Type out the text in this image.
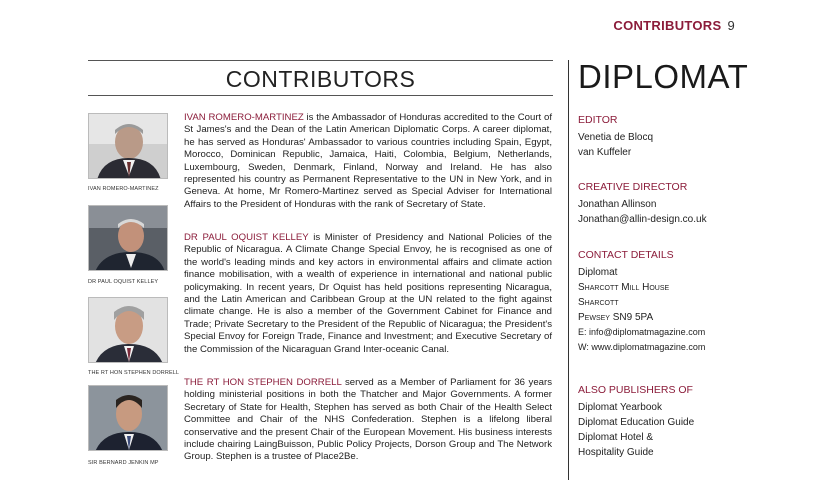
CONTRIBUTORS 9
CONTRIBUTORS
IVAN ROMERO-MARTINEZ
IVAN ROMERO-MARTINEZ is the Ambassador of Honduras accredited to the Court of St James's and the Dean of the Latin American Diplomatic Corps. A career diplomat, he has served as Honduras' Ambassador to various countries including Spain, Egypt, Morocco, Dominican Republic, Jamaica, Haiti, Colombia, Belgium, Netherlands, Luxembourg, Sweden, Denmark, Finland, Norway and Ireland. He has also represented his country as Permanent Representative to the UN in New York, and in Geneva. At home, Mr Romero-Martinez served as Special Adviser for International Affairs to the President of Honduras with the rank of Secretary of State.
DR PAUL OQUIST KELLEY
DR PAUL OQUIST KELLEY is Minister of Presidency and National Policies of the Republic of Nicaragua. A Climate Change Special Envoy, he is recognised as one of the world's leading minds and key actors in environmental affairs and climate action finance mobilisation, with a wealth of experience in international and national public policymaking. In recent years, Dr Oquist has held positions representing Nicaragua, and the Latin American and Caribbean Group at the UN related to the fight against climate change. He is also a member of the Government Cabinet for Finance and Trade; Private Secretary to the President of the Republic of Nicaragua; the President's Special Envoy for Foreign Trade, Finance and Investment; and Executive Secretary of the Commission of the Nicaraguan Grand Inter-oceanic Canal.
THE RT HON STEPHEN DORRELL
THE RT HON STEPHEN DORRELL served as a Member of Parliament for 36 years holding ministerial positions in both the Thatcher and Major Governments. A former Secretary of State for Health, Stephen has served as both Chair of the Health Select Committee and Chair of the NHS Confederation. Stephen is a lifelong liberal conservative and the present Chair of the European Movement. His business interests include chairing LaingBuisson, Public Policy Projects, Dorson Group and The Network Group. Stephen is a trustee of Place2Be.
SIR BERNARD JENKIN MP
DIPLOMAT
EDITOR
Venetia de Blocq
van Kuffeler
CREATIVE DIRECTOR
Jonathan Allinson
Jonathan@allin-design.co.uk
CONTACT DETAILS
Diplomat
Sharcott Mill House
Sharcott
Pewsey SN9 5PA
E: info@diplomatmagazine.com
W: www.diplomatmagazine.com
ALSO PUBLISHERS OF
Diplomat Yearbook
Diplomat Education Guide
Diplomat Hotel &
Hospitality Guide
